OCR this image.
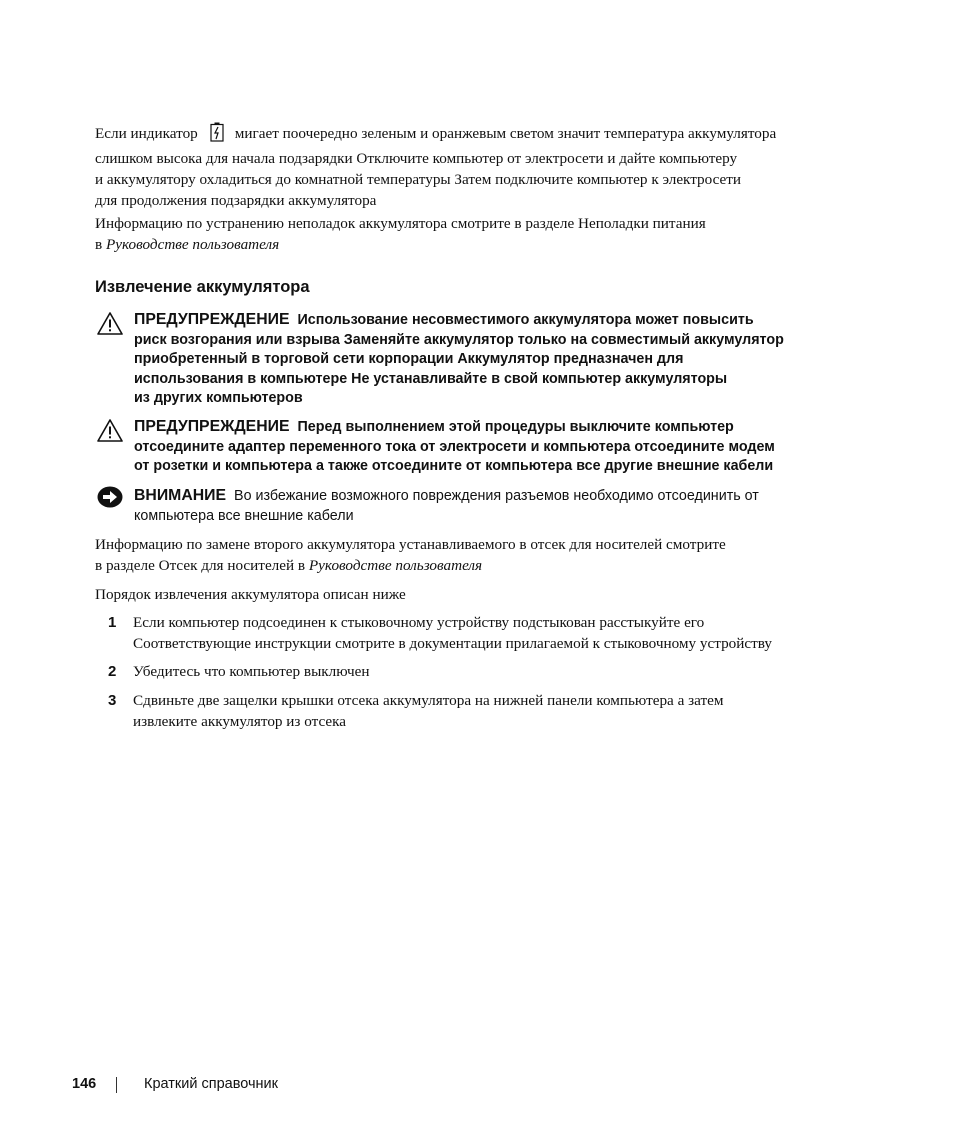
Если индикатор мигает поочередно зеленым и оранжевым светом значит температура аккумулятора
слишком высока для начала подзарядки Отключите компьютер от электросети и дайте компьютеру
и аккумулятору охладиться до комнатной температуры Затем подключите компьютер к электросети
для продолжения подзарядки аккумулятора
Информацию по устранению неполадок аккумулятора смотрите в разделе Неполадки питания
в Руководстве пользователя
Извлечение аккумулятора
ПРЕДУПРЕЖДЕНИЕ Использование несовместимого аккумулятора может повысить
риск возгорания или взрыва Заменяйте аккумулятор только на совместимый аккумулятор
приобретенный в торговой сети корпорации Аккумулятор предназначен для
использования в компьютере Не устанавливайте в свой компьютер аккумуляторы
из других компьютеров
ПРЕДУПРЕЖДЕНИЕ Перед выполнением этой процедуры выключите компьютер
отсоедините адаптер переменного тока от электросети и компьютера отсоедините модем
от розетки и компьютера а также отсоедините от компьютера все другие внешние кабели
ВНИМАНИЕ Во избежание возможного повреждения разъемов необходимо отсоединить от
компьютера все внешние кабели
Информацию по замене второго аккумулятора устанавливаемого в отсек для носителей смотрите
в разделе Отсек для носителей в Руководстве пользователя
Порядок извлечения аккумулятора описан ниже
1 Если компьютер подсоединен к стыковочному устройству подстыкован расстыкуйте его
Соответствующие инструкции смотрите в документации прилагаемой к стыковочному устройству
2 Убедитесь что компьютер выключен
3 Сдвиньте две защелки крышки отсека аккумулятора на нижней панели компьютера а затем
извлеките аккумулятор из отсека
146	Краткий справочник
